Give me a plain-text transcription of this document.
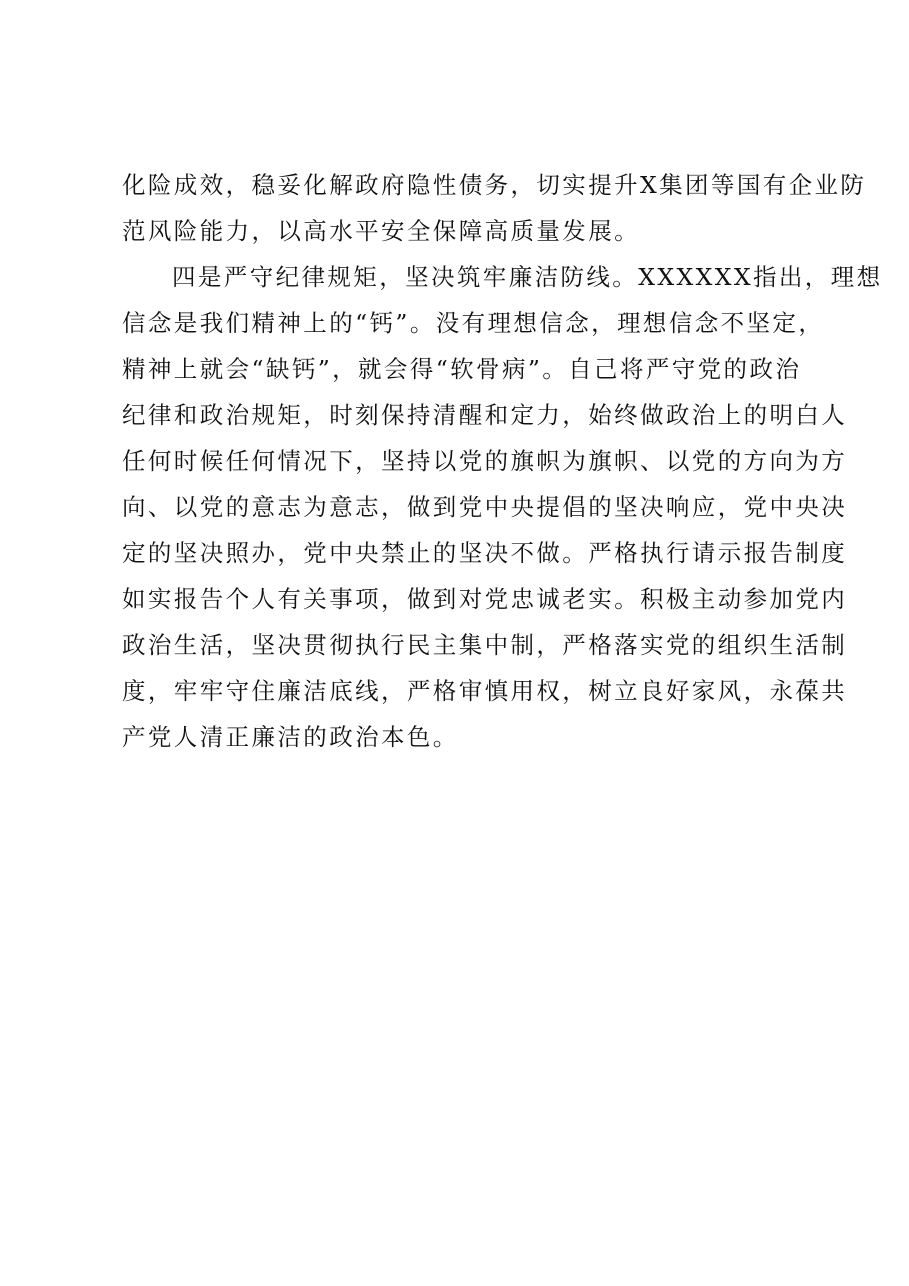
化险成效，稳妥化解政府隐性债务，切实提升X集团等国有企业防
范风险能力，以高水平安全保障高质量发展。
四是严守纪律规矩，坚决筑牢廉洁防线。XXXXXX指出，理想
信念是我们精神上的“钙”。没有理想信念，理想信念不坚定，
精神上就会“缺钙”，就会得“软骨病”。自己将严守党的政治
纪律和政治规矩，时刻保持清醒和定力，始终做政治上的明白人
任何时候任何情况下，坚持以党的旗帜为旗帜、以党的方向为方
向、以党的意志为意志，做到党中央提倡的坚决响应，党中央决
定的坚决照办，党中央禁止的坚决不做。严格执行请示报告制度
如实报告个人有关事项，做到对党忠诚老实。积极主动参加党内
政治生活，坚决贯彻执行民主集中制，严格落实党的组织生活制
度，牢牢守住廉洁底线，严格审慎用权，树立良好家风，永葆共
产党人清正廉洁的政治本色。
